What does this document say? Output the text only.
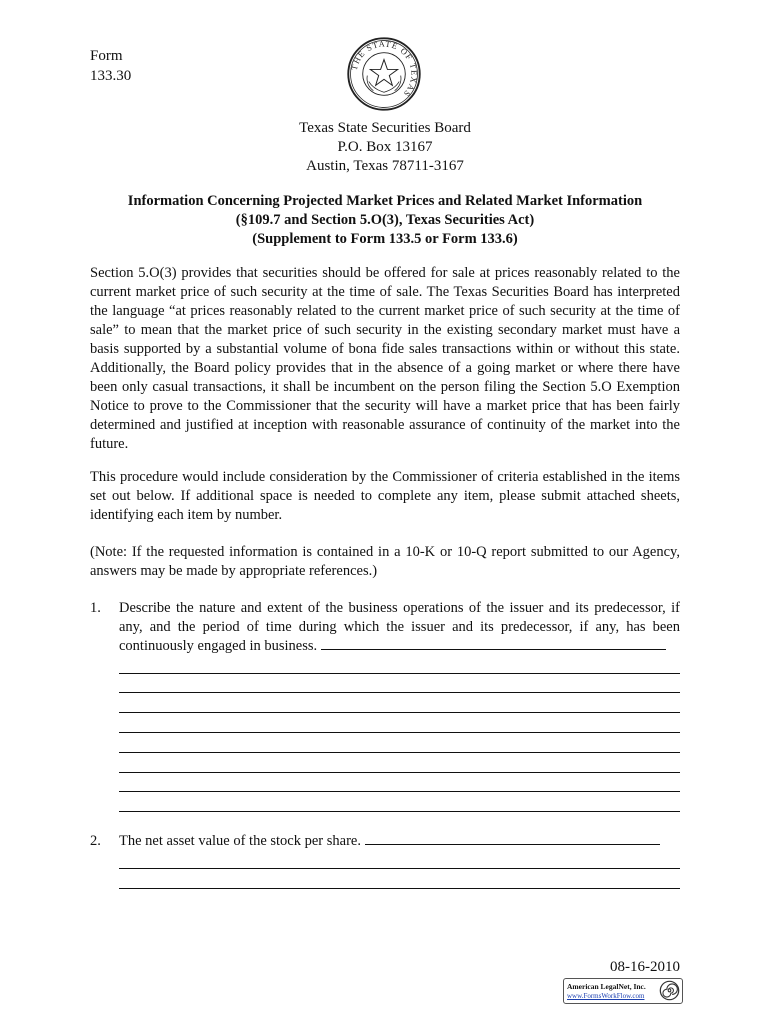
Form
133.30
THE STATE OF TEXAS
Texas State Securities Board
P.O. Box 13167
Austin, Texas 78711-3167
Information Concerning Projected Market Prices and Related Market Information
(§109.7 and Section 5.O(3), Texas Securities Act)
(Supplement to Form 133.5 or Form 133.6)

Section 5.O(3) provides that securities should be offered for sale at prices reasonably related to the current market price of such security at the time of sale. The Texas Securities Board has interpreted the language “at prices reasonably related to the current market price of such security at the time of sale” to mean that the market price of such security in the existing secondary market must have a basis supported by a substantial volume of bona fide sales transactions within or without this state. Additionally, the Board policy provides that in the absence of a going market or where there have been only casual transactions, it shall be incumbent on the person filing the Section 5.O Exemption Notice to prove to the Commissioner that the security will have a market price that has been fairly determined and justified at inception with reasonable assurance of continuity of the market into the future.

This procedure would include consideration by the Commissioner of criteria established in the items set out below. If additional space is needed to complete any item, please submit attached sheets, identifying each item by number.

(Note: If the requested information is contained in a 10-K or 10-Q report submitted to our Agency, answers may be made by appropriate references.)

1. Describe the nature and extent of the business operations of the issuer and its predecessor, if any, and the period of time during which the issuer and its predecessor, if any, has been continuously engaged in business.
2. The net asset value of the stock per share.
08-16-2010
American LegalNet, Inc.
www.FormsWorkFlow.com
